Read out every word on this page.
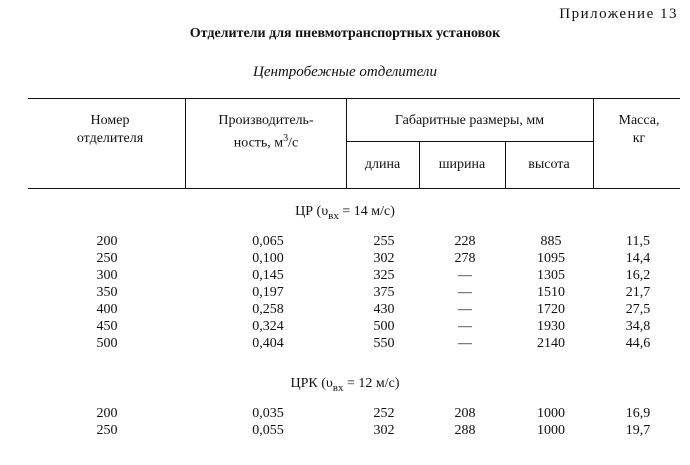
Приложение 13
Отделители для пневмотранспортных установок
Центробежные отделители
Номер
отделителя
Производитель-
ность, $м^3/с$
Габаритные размеры, мм
длина	ширина	высота
Масса,
кг
ЦР ($\upsilon_{вх} = 14$ м/с)
200	0,065	255	228	885	11,5
250	0,100	302	278	1095	14,4
300	0,145	325	—	1305	16,2
350	0,197	375	—	1510	21,7
400	0,258	430	—	1720	27,5
450	0,324	500	—	1930	34,8
500	0,404	550	—	2140	44,6
ЦРК ($\upsilon_{вх} = 12$ м/с)
200	0,035	252	208	1000	16,9
250	0,055	302	288	1000	19,7
